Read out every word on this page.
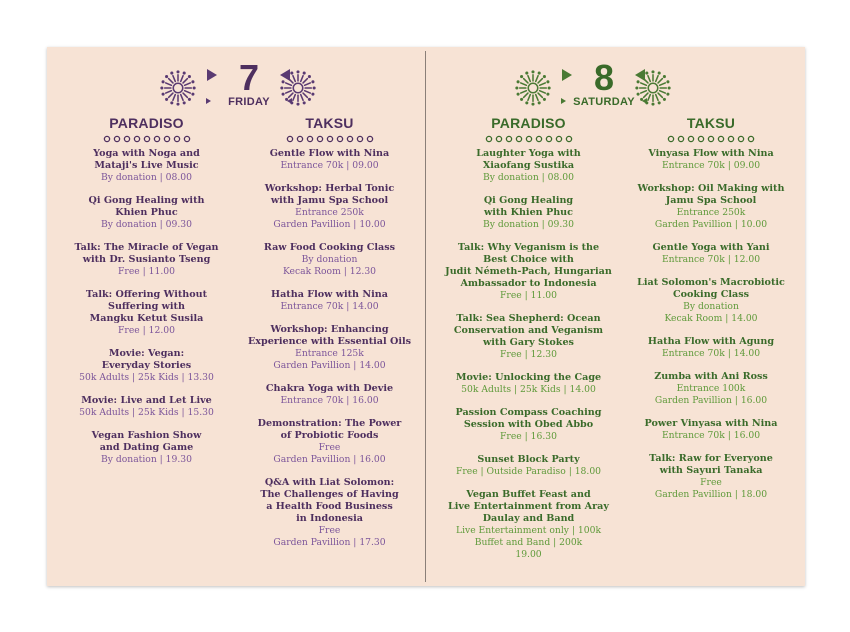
7
FRIDAY
PARADISO
Yoga with Noga and
Mataji's Live Music
By donation | 08.00
Qi Gong Healing with
Khien Phuc
By donation | 09.30
Talk: The Miracle of Vegan
with Dr. Susianto Tseng
Free | 11.00
Talk: Offering Without
Suffering with
Mangku Ketut Susila
Free | 12.00
Movie: Vegan:
Everyday Stories
50k Adults | 25k Kids | 13.30
Movie: Live and Let Live
50k Adults | 25k Kids | 15.30
Vegan Fashion Show
and Dating Game
By donation | 19.30
TAKSU
Gentle Flow with Nina
Entrance 70k | 09.00
Workshop: Herbal Tonic
with Jamu Spa School
Entrance 250k
Garden Pavillion | 10.00
Raw Food Cooking Class
By donation
Kecak Room | 12.30
Hatha Flow with Nina
Entrance 70k | 14.00
Workshop: Enhancing
Experience with Essential Oils
Entrance 125k
Garden Pavillion | 14.00
Chakra Yoga with Devie
Entrance 70k | 16.00
Demonstration: The Power
of Probiotic Foods
Free
Garden Pavillion | 16.00
Q&A with Liat Solomon:
The Challenges of Having
a Health Food Business
in Indonesia
Free
Garden Pavillion | 17.30
8
SATURDAY
PARADISO
Laughter Yoga with
Xiaofang Sustika
By donation | 08.00
Qi Gong Healing
with Khien Phuc
By donation | 09.30
Talk: Why Veganism is the
Best Choice with
Judit Németh-Pach, Hungarian
Ambassador to Indonesia
Free | 11.00
Talk: Sea Shepherd: Ocean
Conservation and Veganism
with Gary Stokes
Free | 12.30
Movie: Unlocking the Cage
50k Adults | 25k Kids | 14.00
Passion Compass Coaching
Session with Obed Abbo
Free | 16.30
Sunset Block Party
Free | Outside Paradiso | 18.00
Vegan Buffet Feast and
Live Entertainment from Aray
Daulay and Band
Live Entertainment only | 100k
Buffet and Band | 200k
19.00
TAKSU
Vinyasa Flow with Nina
Entrance 70k | 09.00
Workshop: Oil Making with
Jamu Spa School
Entrance 250k
Garden Pavillion | 10.00
Gentle Yoga with Yani
Entrance 70k | 12.00
Liat Solomon's Macrobiotic
Cooking Class
By donation
Kecak Room | 14.00
Hatha Flow with Agung
Entrance 70k | 14.00
Zumba with Ani Ross
Entrance 100k
Garden Pavillion | 16.00
Power Vinyasa with Nina
Entrance 70k | 16.00
Talk: Raw for Everyone
with Sayuri Tanaka
Free
Garden Pavillion | 18.00
